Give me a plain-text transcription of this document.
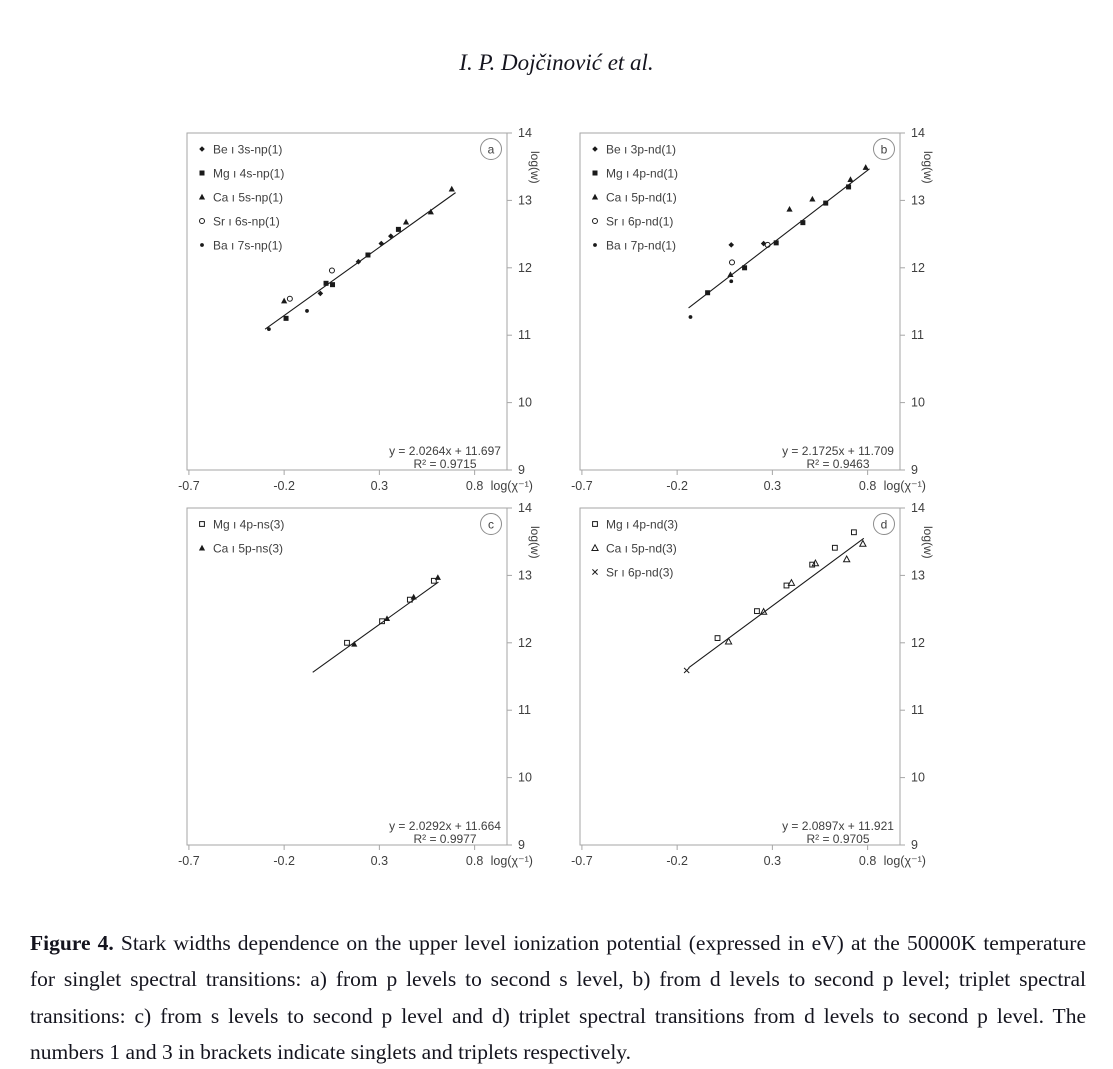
I. P. Dojčinović et al.
-0.7	-0.2	0.3	0.8 log(χ⁻¹)
9
10
11
12
13
14
log(w)
a
Be ı 3s-np(1)
Mg ı 4s-np(1)
Ca ı 5s-np(1)
Sr ı 6s-np(1)
Ba ı 7s-np(1)
y = 2.0264x + 11.697
R² = 0.9715
-0.7	-0.2	0.3	0.8 log(χ⁻¹)
9
10
11
12
13
14
log(w)
b
Be ı 3p-nd(1)
Mg ı 4p-nd(1)
Ca ı 5p-nd(1)
Sr ı 6p-nd(1)
Ba ı 7p-nd(1)
y = 2.1725x + 11.709
R² = 0.9463
-0.7	-0.2	0.3	0.8 log(χ⁻¹)
9
10
11
12
13
14
log(w)
c
Mg ı 4p-ns(3)
Ca ı 5p-ns(3)
y = 2.0292x + 11.664
R² = 0.9977
-0.7	-0.2	0.3	0.8 log(χ⁻¹)
9
10
11
12
13
14
log(w)
d
Mg ı 4p-nd(3)
Ca ı 5p-nd(3)
Sr ı 6p-nd(3)
y = 2.0897x + 11.921
R² = 0.9705

Figure 4. Stark widths dependence on the upper level ionization potential (expressed in eV) at the 50000K temperature for singlet spectral transitions: a) from p levels to second s level, b) from d levels to second p level; triplet spectral transitions: c) from s levels to second p level and d) triplet spectral transitions from d levels to second p level. The numbers 1 and 3 in brackets indicate singlets and triplets respectively.
